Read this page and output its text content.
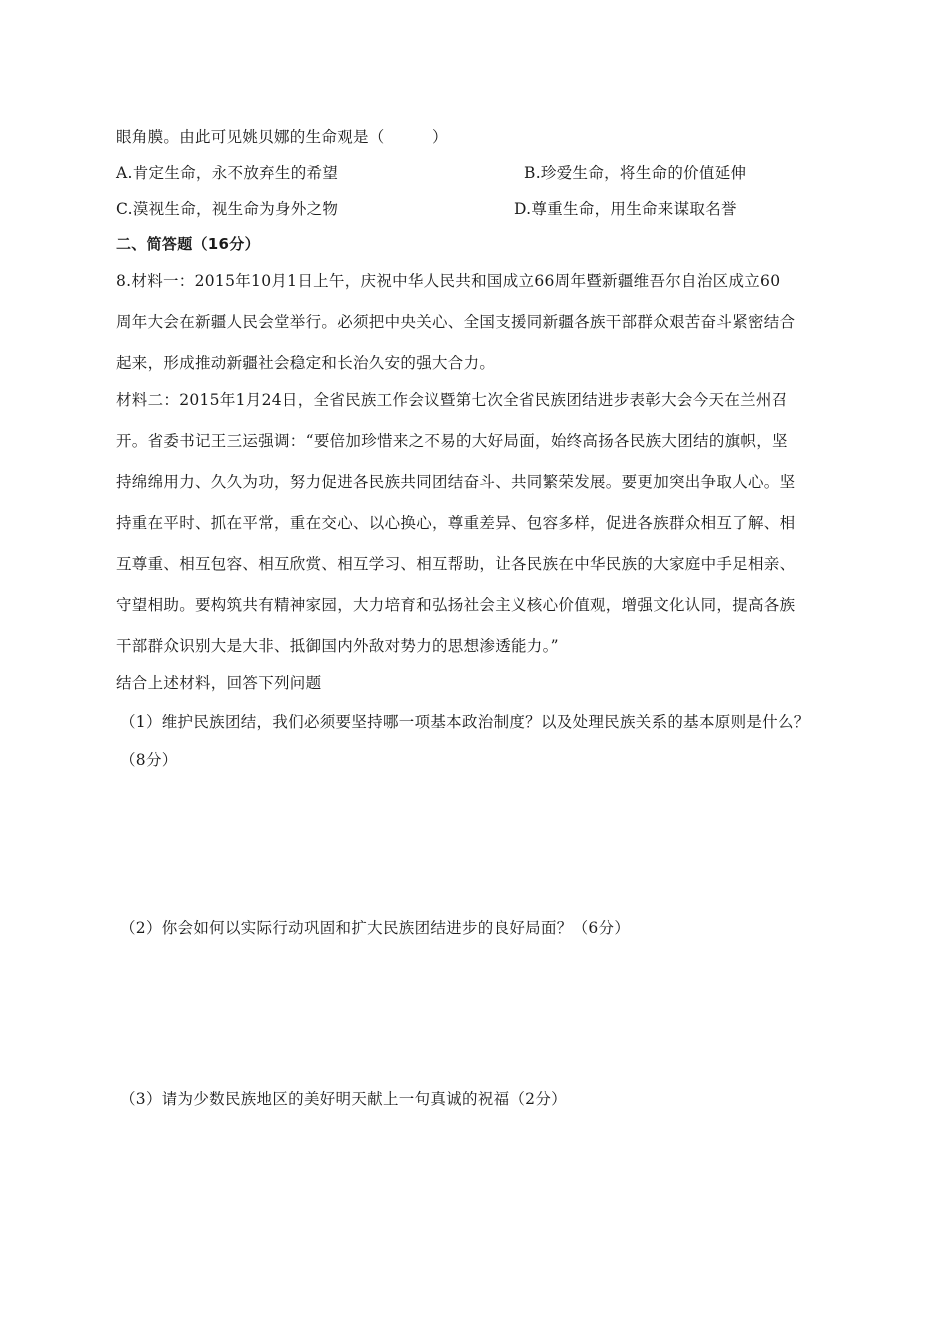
眼角膜。由此可见姚贝娜的生命观是（　　　）
A.肯定生命，永不放弃生的希望	B.珍爱生命，将生命的价值延伸
C.漠视生命，视生命为身外之物	D.尊重生命，用生命来谋取名誉
二、简答题（16分）
8.材料一：2015年10月1日上午，庆祝中华人民共和国成立66周年暨新疆维吾尔自治区成立60
周年大会在新疆人民会堂举行。必须把中央关心、全国支援同新疆各族干部群众艰苦奋斗紧密结合
起来，形成推动新疆社会稳定和长治久安的强大合力。
材料二：2015年1月24日，全省民族工作会议暨第七次全省民族团结进步表彰大会今天在兰州召
开。省委书记王三运强调：“要倍加珍惜来之不易的大好局面，始终高扬各民族大团结的旗帜，坚
持绵绵用力、久久为功，努力促进各民族共同团结奋斗、共同繁荣发展。要更加突出争取人心。坚
持重在平时、抓在平常，重在交心、以心换心，尊重差异、包容多样，促进各族群众相互了解、相
互尊重、相互包容、相互欣赏、相互学习、相互帮助，让各民族在中华民族的大家庭中手足相亲、
守望相助。要构筑共有精神家园，大力培育和弘扬社会主义核心价值观，增强文化认同，提高各族
干部群众识别大是大非、抵御国内外敌对势力的思想渗透能力。”
结合上述材料，回答下列问题
（1）维护民族团结，我们必须要坚持哪一项基本政治制度？以及处理民族关系的基本原则是什么？
（8分）
（2）你会如何以实际行动巩固和扩大民族团结进步的良好局面？（6分）
（3）请为少数民族地区的美好明天献上一句真诚的祝福（2分）
